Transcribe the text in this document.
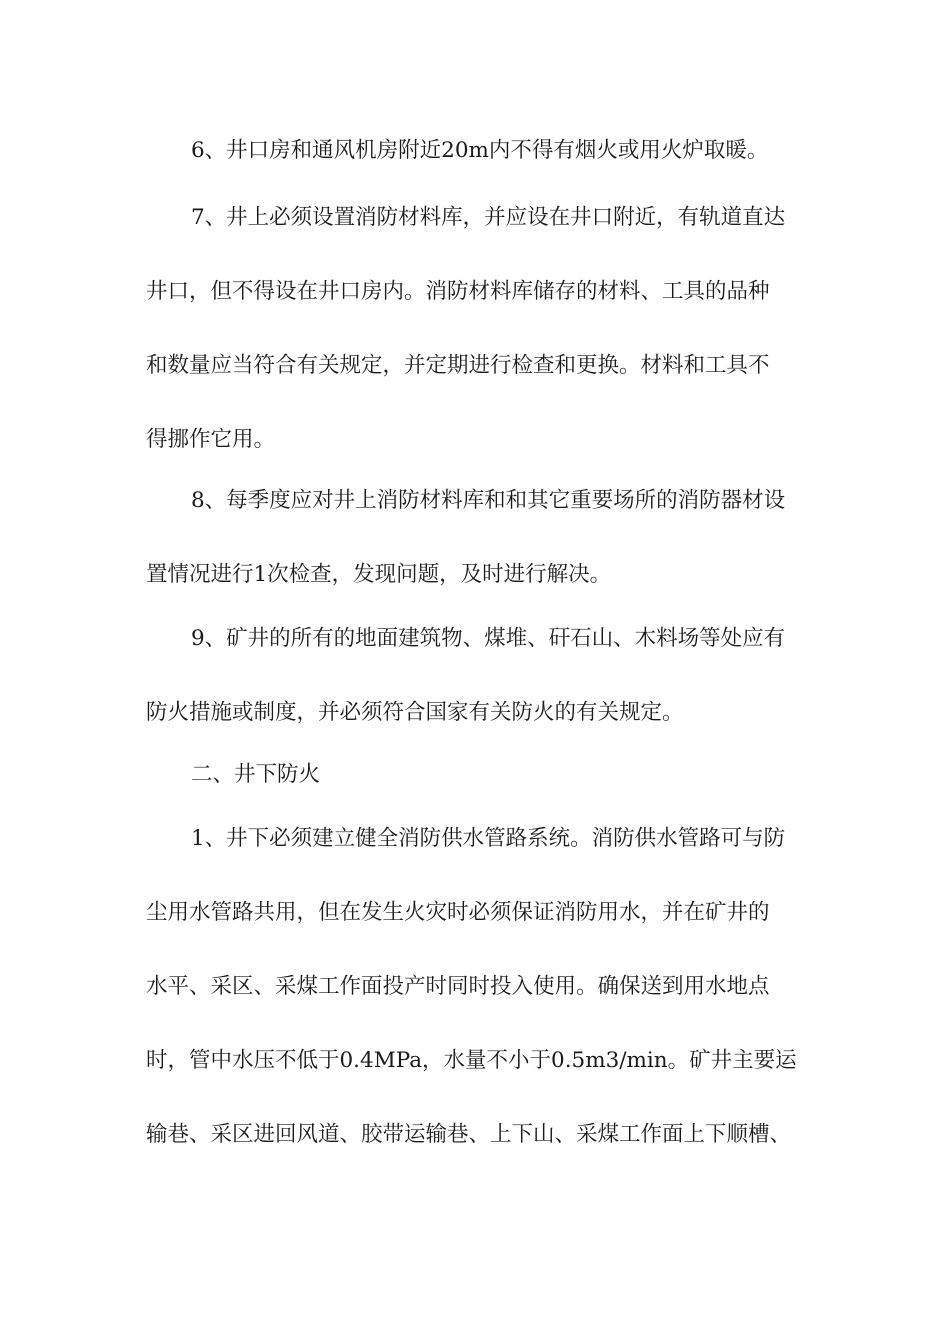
6、井口房和通风机房附近20m内不得有烟火或用火炉取暖。
7、井上必须设置消防材料库，并应设在井口附近，有轨道直达
井口，但不得设在井口房内。消防材料库储存的材料、工具的品种
和数量应当符合有关规定，并定期进行检查和更换。材料和工具不
得挪作它用。
8、每季度应对井上消防材料库和和其它重要场所的消防器材设
置情况进行1次检查，发现问题，及时进行解决。
9、矿井的所有的地面建筑物、煤堆、矸石山、木料场等处应有
防火措施或制度，并必须符合国家有关防火的有关规定。
二、井下防火
1、井下必须建立健全消防供水管路系统。消防供水管路可与防
尘用水管路共用，但在发生火灾时必须保证消防用水，并在矿井的
水平、采区、采煤工作面投产时同时投入使用。确保送到用水地点
时，管中水压不低于0.4MPa，水量不小于0.5m3/min。矿井主要运
输巷、采区进回风道、胶带运输巷、上下山、采煤工作面上下顺槽、
